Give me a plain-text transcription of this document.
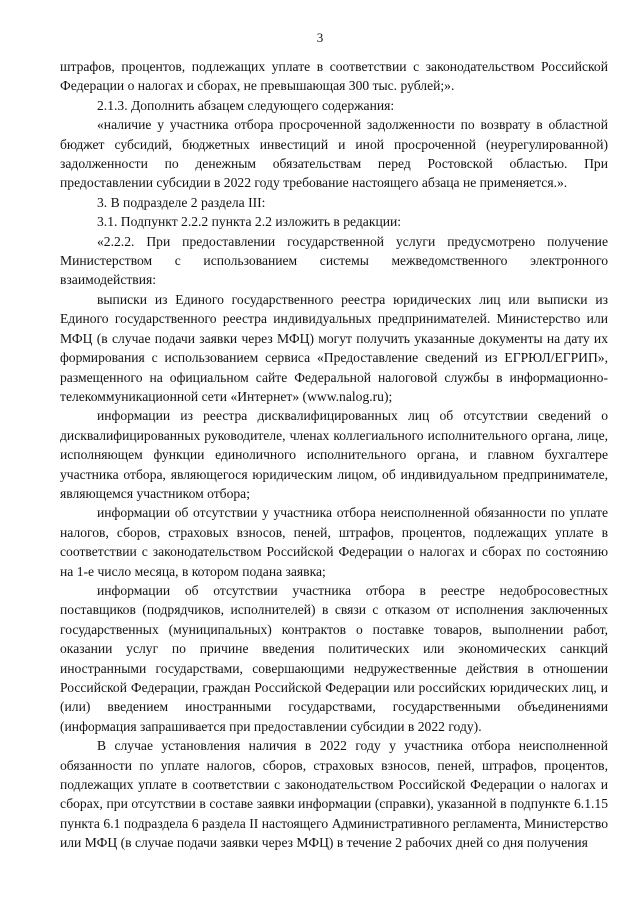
3

штрафов, процентов, подлежащих уплате в соответствии с законодательством Российской Федерации о налогах и сборах, не превышающая 300 тыс. рублей;».

2.1.3. Дополнить абзацем следующего содержания:

«наличие у участника отбора просроченной задолженности по возврату в областной бюджет субсидий, бюджетных инвестиций и иной просроченной (неурегулированной) задолженности по денежным обязательствам перед Ростовской областью. При предоставлении субсидии в 2022 году требование настоящего абзаца не применяется.».

3. В подразделе 2 раздела III:

3.1. Подпункт 2.2.2 пункта 2.2 изложить в редакции:

«2.2.2. При предоставлении государственной услуги предусмотрено получение Министерством с использованием системы межведомственного электронного взаимодействия:

выписки из Единого государственного реестра юридических лиц или выписки из Единого государственного реестра индивидуальных предпринимателей. Министерство или МФЦ (в случае подачи заявки через МФЦ) могут получить указанные документы на дату их формирования с использованием сервиса «Предоставление сведений из ЕГРЮЛ/ЕГРИП», размещенного на официальном сайте Федеральной налоговой службы в информационно-телекоммуникационной сети «Интернет» (www.nalog.ru);

информации из реестра дисквалифицированных лиц об отсутствии сведений о дисквалифицированных руководителе, членах коллегиального исполнительного органа, лице, исполняющем функции единоличного исполнительного органа, и главном бухгалтере участника отбора, являющегося юридическим лицом, об индивидуальном предпринимателе, являющемся участником отбора;

информации об отсутствии у участника отбора неисполненной обязанности по уплате налогов, сборов, страховых взносов, пеней, штрафов, процентов, подлежащих уплате в соответствии с законодательством Российской Федерации о налогах и сборах по состоянию на 1-е число месяца, в котором подана заявка;

информации об отсутствии участника отбора в реестре недобросовестных поставщиков (подрядчиков, исполнителей) в связи с отказом от исполнения заключенных государственных (муниципальных) контрактов о поставке товаров, выполнении работ, оказании услуг по причине введения политических или экономических санкций иностранными государствами, совершающими недружественные действия в отношении Российской Федерации, граждан Российской Федерации или российских юридических лиц, и (или) введением иностранными государствами, государственными объединениями (информация запрашивается при предоставлении субсидии в 2022 году).

В случае установления наличия в 2022 году у участника отбора неисполненной обязанности по уплате налогов, сборов, страховых взносов, пеней, штрафов, процентов, подлежащих уплате в соответствии с законодательством Российской Федерации о налогах и сборах, при отсутствии в составе заявки информации (справки), указанной в подпункте 6.1.15 пункта 6.1 подраздела 6 раздела II настоящего Административного регламента, Министерство или МФЦ (в случае подачи заявки через МФЦ) в течение 2 рабочих дней со дня получения
